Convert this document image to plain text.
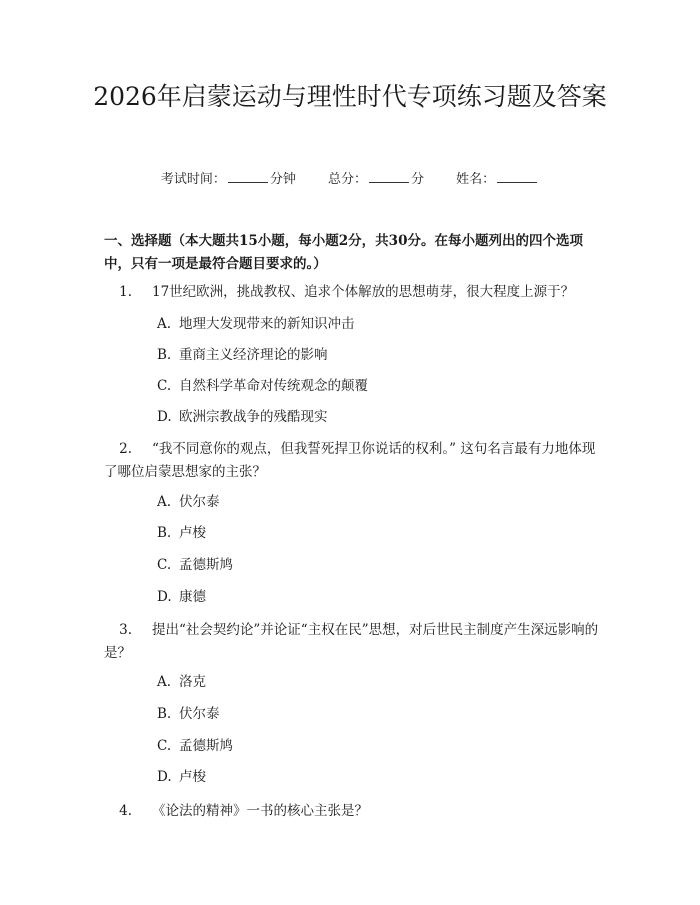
2026年启蒙运动与理性时代专项练习题及答案
考试时间：	分钟 总分：	分 姓名：

一、选择题（本大题共15小题，每小题2分，共30分。在每小题列出的四个选项中，只有一项是最符合题目要求的。）

1. 17世纪欧洲，挑战教权、追求个体解放的思想萌芽，很大程度上源于？
A. 地理大发现带来的新知识冲击
B. 重商主义经济理论的影响
C. 自然科学革命对传统观念的颠覆
D. 欧洲宗教战争的残酷现实
2. “我不同意你的观点，但我誓死捍卫你说话的权利。” 这句名言最有力地体现了哪位启蒙思想家的主张？
A. 伏尔泰
B. 卢梭
C. 孟德斯鸠
D. 康德
3. 提出“社会契约论”并论证“主权在民”思想，对后世民主制度产生深远影响的是？
A. 洛克
B. 伏尔泰
C. 孟德斯鸠
D. 卢梭
4. 《论法的精神》一书的核心主张是？
